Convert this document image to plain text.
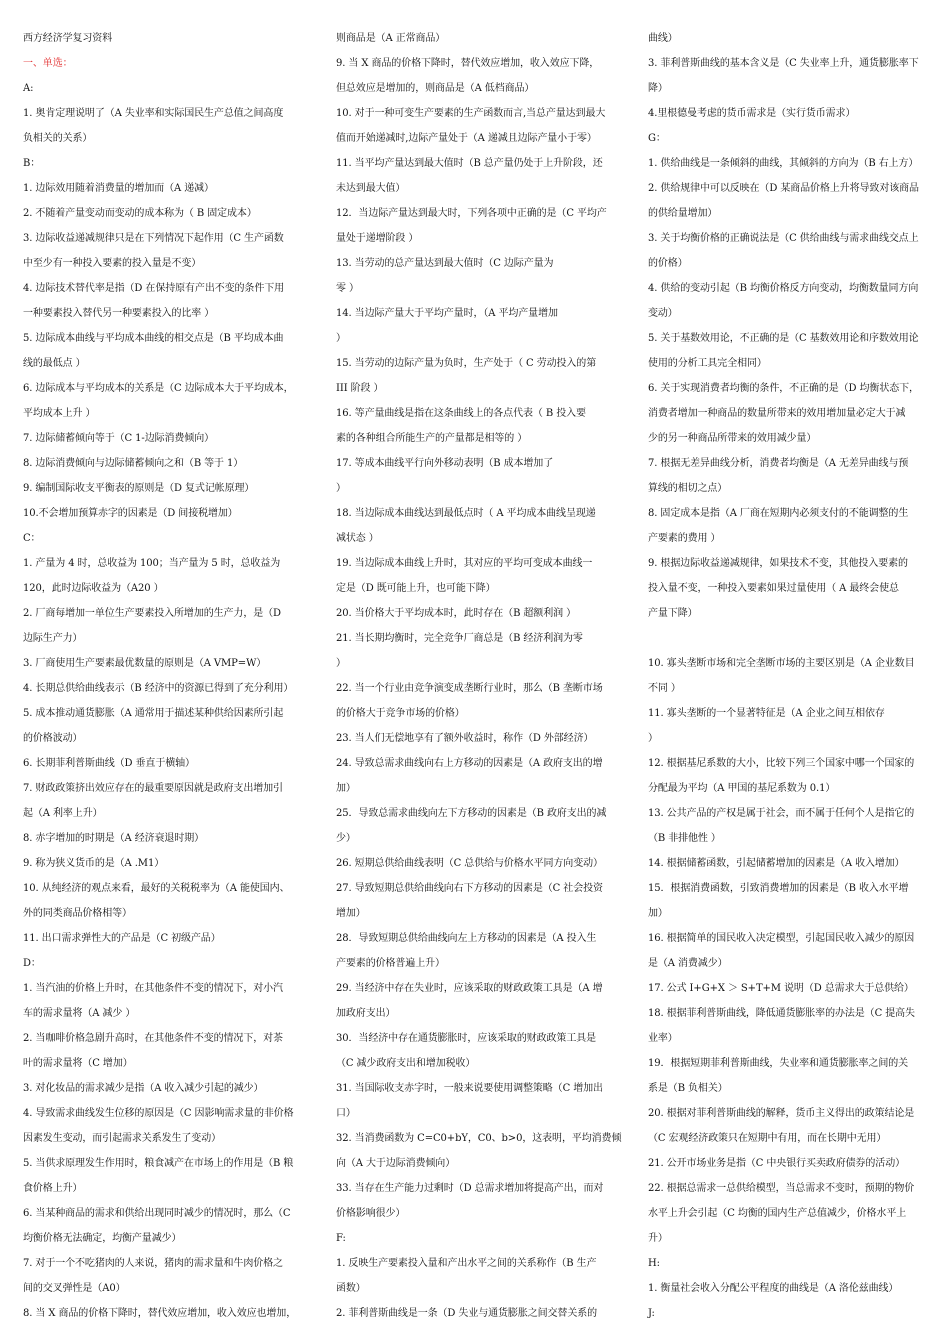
西方经济学复习资料
一、单选：
A:
1. 奥肯定理说明了（A 失业率和实际国民生产总值之间高度
负相关的关系）
B：
1. 边际效用随着消费量的增加而（A 递减）
2. 不随着产量变动而变动的成本称为（ B 固定成本）
3. 边际收益递减规律只是在下列情况下起作用（C 生产函数
中至少有一种投入要素的投入量是不变）
4. 边际技术替代率是指（D 在保持原有产出不变的条件下用
一种要素投入替代另一种要素投入的比率 ）
5. 边际成本曲线与平均成本曲线的相交点是（B 平均成本曲
线的最低点 ）
6. 边际成本与平均成本的关系是（C 边际成本大于平均成本，
平均成本上升 ）
7. 边际储蓄倾向等于（C 1-边际消费倾向）
8. 边际消费倾向与边际储蓄倾向之和（B 等于 1）
9. 编制国际收支平衡表的原则是（D 复式记帐原理）
10.不会增加预算赤字的因素是（D 间接税增加）
C：
1. 产量为 4 时，总收益为 100；当产量为 5 时，总收益为
120，此时边际收益为（A20 ）
2. 厂商每增加一单位生产要素投入所增加的生产力，是（D
边际生产力）
3. 厂商使用生产要素最优数量的原则是（A VMP=W）
4. 长期总供给曲线表示（B 经济中的资源已得到了充分利用）
5. 成本推动通货膨胀（A 通常用于描述某种供给因素所引起
的价格波动）
6. 长期菲利普斯曲线（D 垂直于横轴）
7. 财政政策挤出效应存在的最重要原因就是政府支出增加引
起（A 利率上升）
8. 赤字增加的时期是（A 经济衰退时期）
9. 称为狭义货币的是（A .M1）
10. 从纯经济的观点来看，最好的关税税率为（A 能使国内、
外的同类商品价格相等）
11. 出口需求弹性大的产品是（C 初级产品）
D：
1. 当汽油的价格上升时，在其他条件不变的情况下，对小汽
车的需求量将（A 减少 ）
2. 当咖啡价格急剧升高时，在其他条件不变的情况下，对茶
叶的需求量将（C 增加）
3. 对化妆品的需求减少是指（A 收入减少引起的减少）
4. 导致需求曲线发生位移的原因是（C 因影响需求量的非价格
因素发生变动，而引起需求关系发生了变动）
5. 当供求原理发生作用时，粮食减产在市场上的作用是（B 粮
食价格上升）
6. 当某种商品的需求和供给出现同时减少的情况时，那么（C
均衡价格无法确定，均衡产量减少）
7. 对于一个不吃猪肉的人来说，猪肉的需求量和牛肉价格之
间的交叉弹性是（A0）
8. 当 X 商品的价格下降时，替代效应增加，收入效应也增加，
则商品是（A 正常商品）
9. 当 X 商品的价格下降时，替代效应增加，收入效应下降，
但总效应是增加的，则商品是（A 低档商品）
10. 对于一种可变生产要素的生产函数而言,当总产量达到最大
值而开始递减时,边际产量处于（A 递减且边际产量小于零）
11. 当平均产量达到最大值时（B 总产量仍处于上升阶段，还
未达到最大值）
12．当边际产量达到最大时，下列各项中正确的是（C 平均产
量处于递增阶段 ）
13. 当劳动的总产量达到最大值时（C 边际产量为
零 ）
14. 当边际产量大于平均产量时，（A 平均产量增加
）
15. 当劳动的边际产量为负时，生产处于（ C 劳动投入的第
III 阶段 ）
16. 等产量曲线是指在这条曲线上的各点代表（ B 投入要
素的各种组合所能生产的产量都是相等的 ）
17. 等成本曲线平行向外移动表明（B 成本增加了
）
18. 当边际成本曲线达到最低点时（ A 平均成本曲线呈现递
减状态 ）
19. 当边际成本曲线上升时，其对应的平均可变成本曲线一
定是（D 既可能上升，也可能下降）
20. 当价格大于平均成本时，此时存在（B 超额利润 ）
21. 当长期均衡时，完全竞争厂商总是（B 经济利润为零
）
22. 当一个行业由竞争演变成垄断行业时，那么（B 垄断市场
的价格大于竞争市场的价格）
23. 当人们无偿地享有了额外收益时，称作（D 外部经济）
24. 导致总需求曲线向右上方移动的因素是（A 政府支出的增
加）
25．导致总需求曲线向左下方移动的因素是（B 政府支出的减
少）
26. 短期总供给曲线表明（C 总供给与价格水平同方向变动）
27. 导致短期总供给曲线向右下方移动的因素是（C 社会投资
增加）
28．导致短期总供给曲线向左上方移动的因素是（A 投入生
产要素的价格普遍上升）
29. 当经济中存在失业时，应该采取的财政政策工具是（A 增
加政府支出）
30．当经济中存在通货膨胀时，应该采取的财政政策工具是
（C 减少政府支出和增加税收）
31. 当国际收支赤字时，一般来说要使用调整策略（C 增加出
口）
32. 当消费函数为 C=C0+bY，C0、b>0，这表明，平均消费倾
向（A 大于边际消费倾向）
33. 当存在生产能力过剩时（D 总需求增加将提高产出，而对
价格影响很少）
F:
1. 反映生产要素投入量和产出水平之间的关系称作（B 生产
函数）
2. 菲利普斯曲线是一条（D 失业与通货膨胀之间交替关系的
曲线）
3. 菲利普斯曲线的基本含义是（C 失业率上升，通货膨胀率下
降）
4.里根德曼考虑的货币需求是（实行货币需求）
G：
1. 供给曲线是一条倾斜的曲线，其倾斜的方向为（B 右上方）
2. 供给规律中可以反映在（D 某商品价格上升将导致对该商品
的供给量增加）
3. 关于均衡价格的正确说法是（C 供给曲线与需求曲线交点上
的价格）
4. 供给的变动引起（B 均衡价格反方向变动，均衡数量同方向
变动）
5. 关于基数效用论，不正确的是（C 基数效用论和序数效用论
使用的分析工具完全相同）
6. 关于实现消费者均衡的条件，不正确的是（D 均衡状态下，
消费者增加一种商品的数量所带来的效用增加量必定大于减
少的另一种商品所带来的效用减少量）
7. 根据无差异曲线分析，消费者均衡是（A 无差异曲线与预
算线的相切之点）
8. 固定成本是指（A 厂商在短期内必须支付的不能调整的生
产要素的费用 ）
9. 根据边际收益递减规律，如果技术不变，其他投入要素的
投入量不变，一种投入要素如果过量使用（ A 最终会使总
产量下降）
10. 寡头垄断市场和完全垄断市场的主要区别是（A 企业数目
不同 ）
11. 寡头垄断的一个显著特征是（A 企业之间互相依存
）
12. 根据基尼系数的大小，比较下列三个国家中哪一个国家的
分配最为平均（A 甲国的基尼系数为 0.1）
13. 公共产品的产权是属于社会，而不属于任何个人是指它的
（B 非排他性 ）
14. 根据储蓄函数，引起储蓄增加的因素是（A 收入增加）
15．根据消费函数，引致消费增加的因素是（B 收入水平增
加）
16. 根据简单的国民收入决定模型，引起国民收入减少的原因
是（A 消费减少）
17. 公式 I+G+X ＞ S+T+M 说明（D 总需求大于总供给）
18. 根据菲利普斯曲线，降低通货膨胀率的办法是（C 提高失
业率）
19．根据短期菲利普斯曲线，失业率和通货膨胀率之间的关
系是（B 负相关）
20. 根据对菲利普斯曲线的解释，货币主义得出的政策结论是
（C 宏观经济政策只在短期中有用，而在长期中无用）
21. 公开市场业务是指（C 中央银行买卖政府债券的活动）
22. 根据总需求一总供给模型，当总需求不变时，预期的物价
水平上升会引起（C 均衡的国内生产总值减少，价格水平上
升）
H:
1. 衡量社会收入分配公平程度的曲线是（A 洛伦兹曲线）
J:
